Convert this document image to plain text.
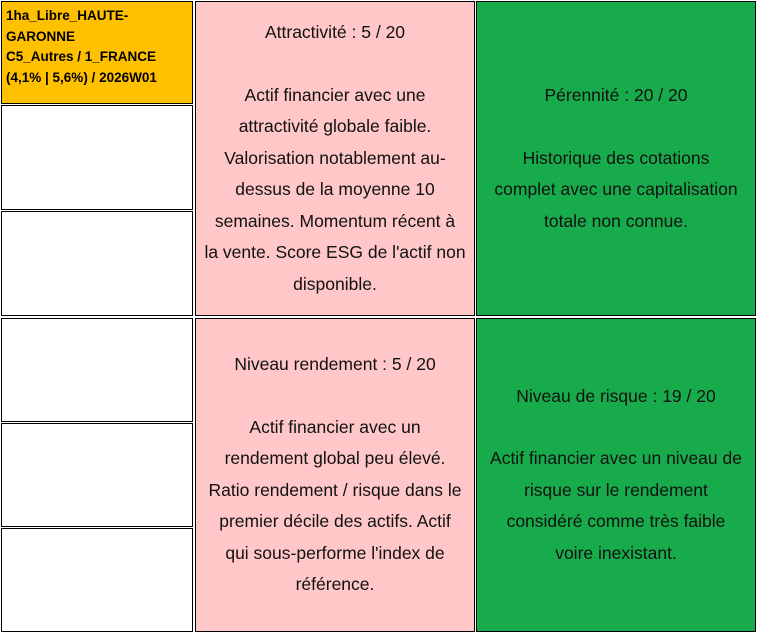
1ha_Libre_HAUTE-
GARONNE
C5_Autres / 1_FRANCE
(4,1% | 5,6%) / 2026W01
Attractivité : 5 / 20
Actif financier avec une
attractivité globale faible.
Valorisation notablement au-
dessus de la moyenne 10
semaines. Momentum récent à
la vente. Score ESG de l'actif non
disponible.
Pérennité : 20 / 20
Historique des cotations
complet avec une capitalisation
totale non connue.
Niveau rendement : 5 / 20
Actif financier avec un
rendement global peu élevé.
Ratio rendement / risque dans le
premier décile des actifs. Actif
qui sous-performe l'index de
référence.
Niveau de risque : 19 / 20
Actif financier avec un niveau de
risque sur le rendement
considéré comme très faible
voire inexistant.
